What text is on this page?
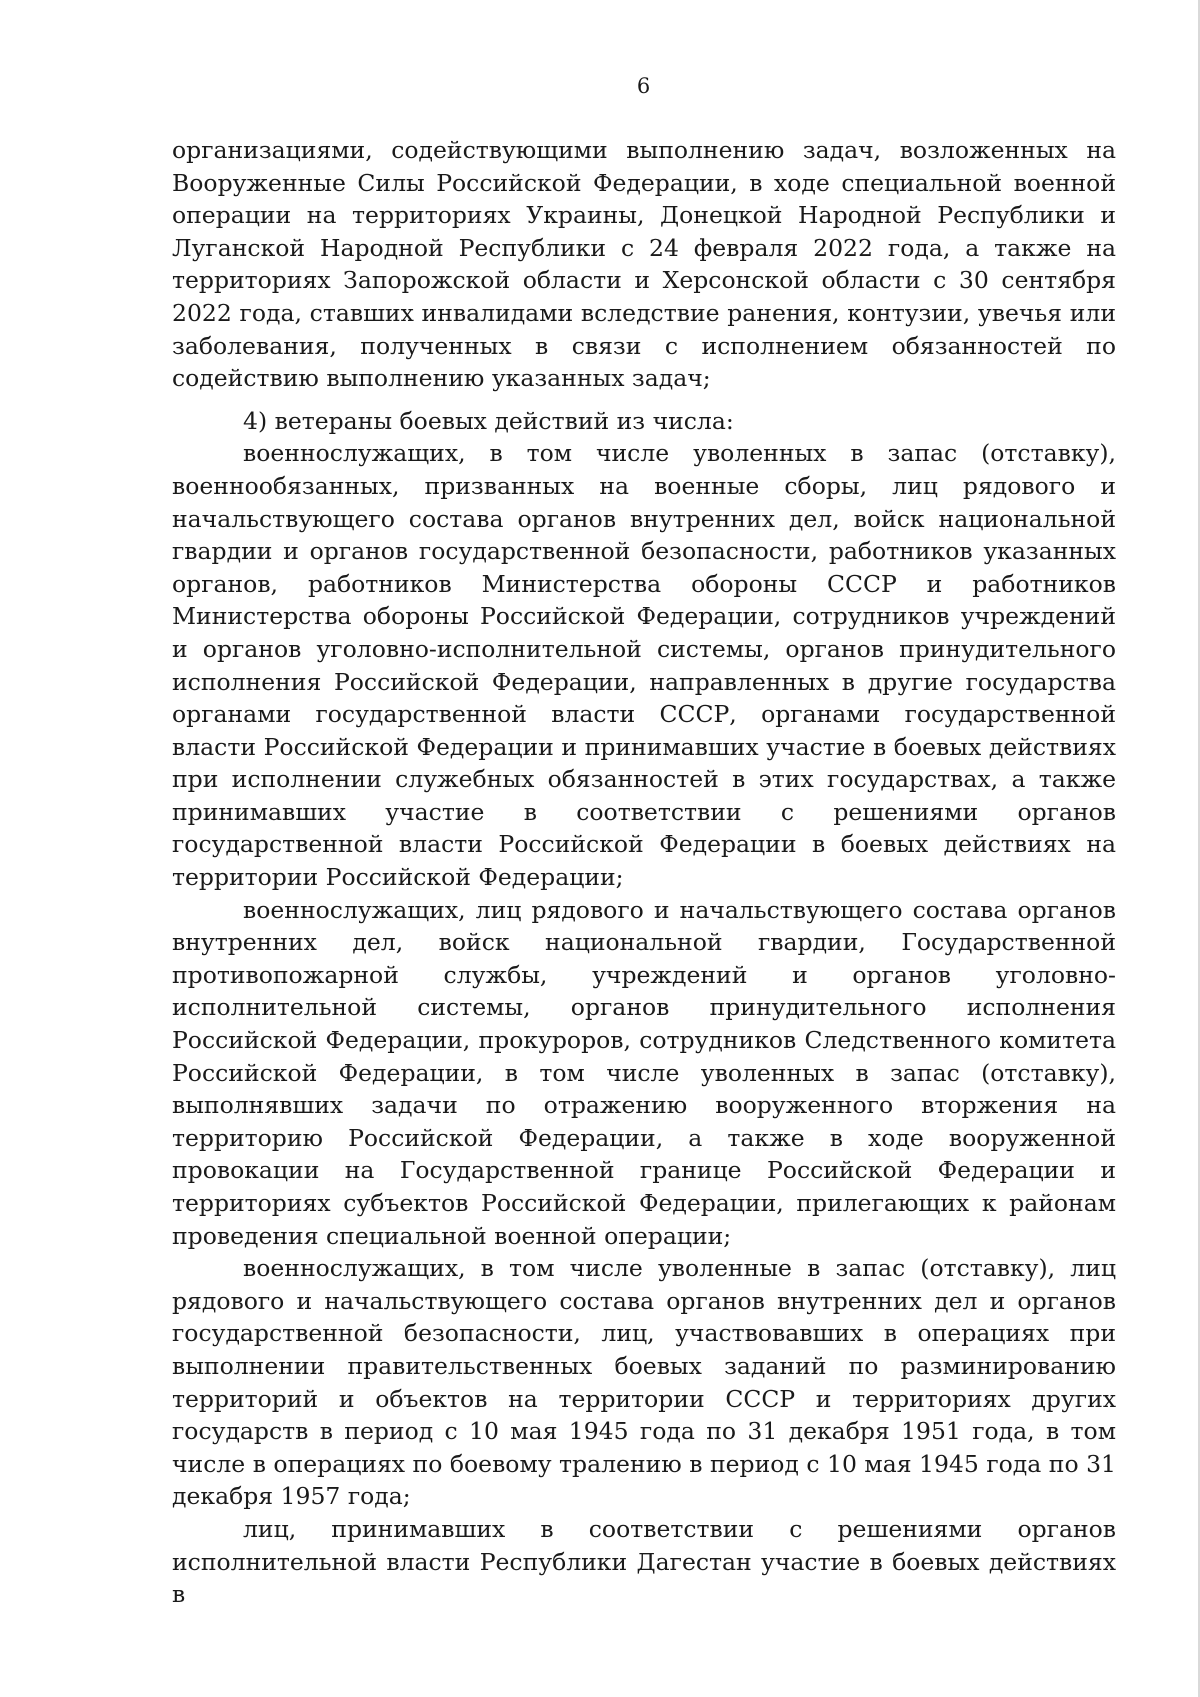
6

организациями, содействующими выполнению задач, возложенных на Вооруженные Силы Российской Федерации, в ходе специальной военной операции на территориях Украины, Донецкой Народной Республики и Луганской Народной Республики с 24 февраля 2022 года, а также на территориях Запорожской области и Херсонской области с 30 сентября 2022 года, ставших инвалидами вследствие ранения, контузии, увечья или заболевания, полученных в связи с исполнением обязанностей по содействию выполнению указанных задач;

4) ветераны боевых действий из числа:

военнослужащих, в том числе уволенных в запас (отставку), военнообязанных, призванных на военные сборы, лиц рядового и начальствующего состава органов внутренних дел, войск национальной гвардии и органов государственной безопасности, работников указанных органов, работников Министерства обороны СССР и работников Министерства обороны Российской Федерации, сотрудников учреждений и органов уголовно-исполнительной системы, органов принудительного исполнения Российской Федерации, направленных в другие государства органами государственной власти СССР, органами государственной власти Российской Федерации и принимавших участие в боевых действиях при исполнении служебных обязанностей в этих государствах, а также принимавших участие в соответствии с решениями органов государственной власти Российской Федерации в боевых действиях на территории Российской Федерации;

военнослужащих, лиц рядового и начальствующего состава органов внутренних дел, войск национальной гвардии, Государственной противопожарной службы, учреждений и органов уголовно-исполнительной системы, органов принудительного исполнения Российской Федерации, прокуроров, сотрудников Следственного комитета Российской Федерации, в том числе уволенных в запас (отставку), выполнявших задачи по отражению вооруженного вторжения на территорию Российской Федерации, а также в ходе вооруженной провокации на Государственной границе Российской Федерации и территориях субъектов Российской Федерации, прилегающих к районам проведения специальной военной операции;

военнослужащих, в том числе уволенные в запас (отставку), лиц рядового и начальствующего состава органов внутренних дел и органов государственной безопасности, лиц, участвовавших в операциях при выполнении правительственных боевых заданий по разминированию территорий и объектов на территории СССР и территориях других государств в период с 10 мая 1945 года по 31 декабря 1951 года, в том числе в операциях по боевому тралению в период с 10 мая 1945 года по 31 декабря 1957 года;

лиц, принимавших в соответствии с решениями органов исполнительной власти Республики Дагестан участие в боевых действиях в
